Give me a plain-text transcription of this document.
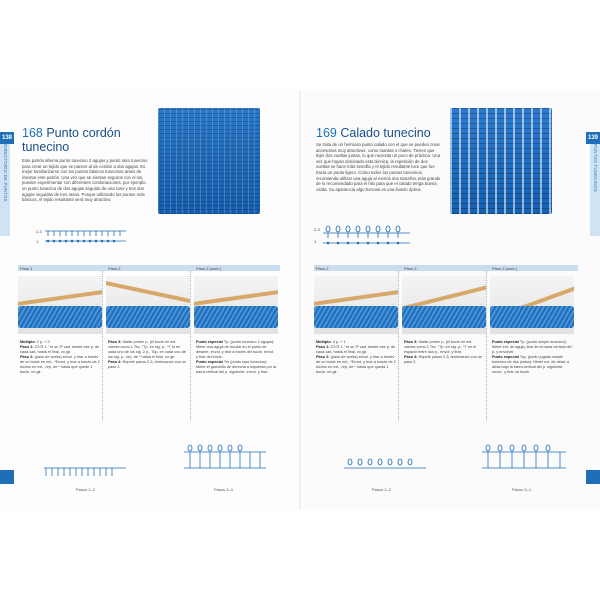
138
DIRECTORIO DE PUNTOS
168 Punto cordón
tunecino
Este patrón alterna punto tunecino 2 agujas y punto raso tunecino para crear un tejido que se parece al de cordón a dos agujas. Es mejor familiarizarse con los puntos básicos tunecinos antes de intentar este patrón. Una vez que se sientan seguros con el los, pueden experimentar con diferentes combinaciones, por ejemplo, un punto tunecino de dos agujas seguido de una raso y tres dos agujas seguidas de tres rasos. Porque utilizando los puntos más básicos, el tejido resultante será muy atractivo.
2-3
1
Paso 1	Paso 2	Paso 3 (cont.)
Múltiplo: 2 p. + 2
Paso 1: C9 R 1. "m un 2º cad. desde ese p. de cada cad. hasta el final, no gir.
Paso 2: (paso de vuelta) envol. y tirar a través de un bucle en ext., *Envol. y tirar a través de 2 bucles en ext., rep. de * hasta que quede 1 bucle, no gir.
Paso 3: Saltar primer p. (el bucle en ext. cuenta como 1 Tsc. "Tp. en sig. p., *T rs en cada uno de los sig. 2 p., Tkp. en cada uno de los sig. p., rep. de * hasta el final, no gir.
Paso 4: Repetir pasos 2-3, terminando con un paso 2.
Punto especial Tp. (punto tunecino 2 agujas): Meter una aguja de tricotar en el punto de delante, envol. y tirar a través del bucle, envol. y tirar del bucle.
Punto especial Trs (punto raso tunecino): Meter el ganchillo de derecha a izquierda por la barra vertical del p. siguiente, envol. y tirar.
Pasos 1–2	Pasos 3–4
139
PUNTOS TUNECINOS
169 Calado tunecino
Se trata de un hermoso punto calado con el que se pueden crear accesorios muy atractivos, como mantas o chales. Tienen que tejer dos vueltas juntas, lo que necesita un poco de práctica. Una vez que hayan dominado esta técnica, la repetición de dos vueltas se hace más sencilla y el tejido resultante luce que fue hacia un punto ligero. Cómo todos los puntos tunecinos, recomienda utilizar una aguja al menos dos tamaños más grande de lo recomendado para el hilo para que el calado tenga buena caída. Su apariencia algo borrosa es una ilusión óptica.
2-3
1
Paso 2	Paso 3	Paso 3 (cont.)
Múltiplo: 4 p. + 1
Paso 1: C9 R 1. "m un 2º cad. desde ese p. de cada cad. hasta el final, no gir.
Paso 2: (paso de vuelta) envol. y tirar a través de un bucle en ext., *Envol. y tirar a través de 2 bucles en ext., rep. de * hasta que queda 1 bucle, no gir.
Paso 3: Saltar primer p. (el bucle en ext. cuenta como 1 Tsc. "Tp. en sig. p., *T en el espacio entre dos p., envol. y tirar.
Paso 4: Repetir pasos 2-3, terminando con un paso 2.
Punto especial Tp. (punto simple tunecino): Meter ext. de aguja, tirar de la barra vertical del p. y envolver.
Punto especial Tcp. (punto jugado simple tunecino de dos juntos): Meter ext. de delat. a atrás bajo la barra vertical del p. siguiente, envol., y tirar un bucle.
Pasos 1–2	Pasos 3–4
